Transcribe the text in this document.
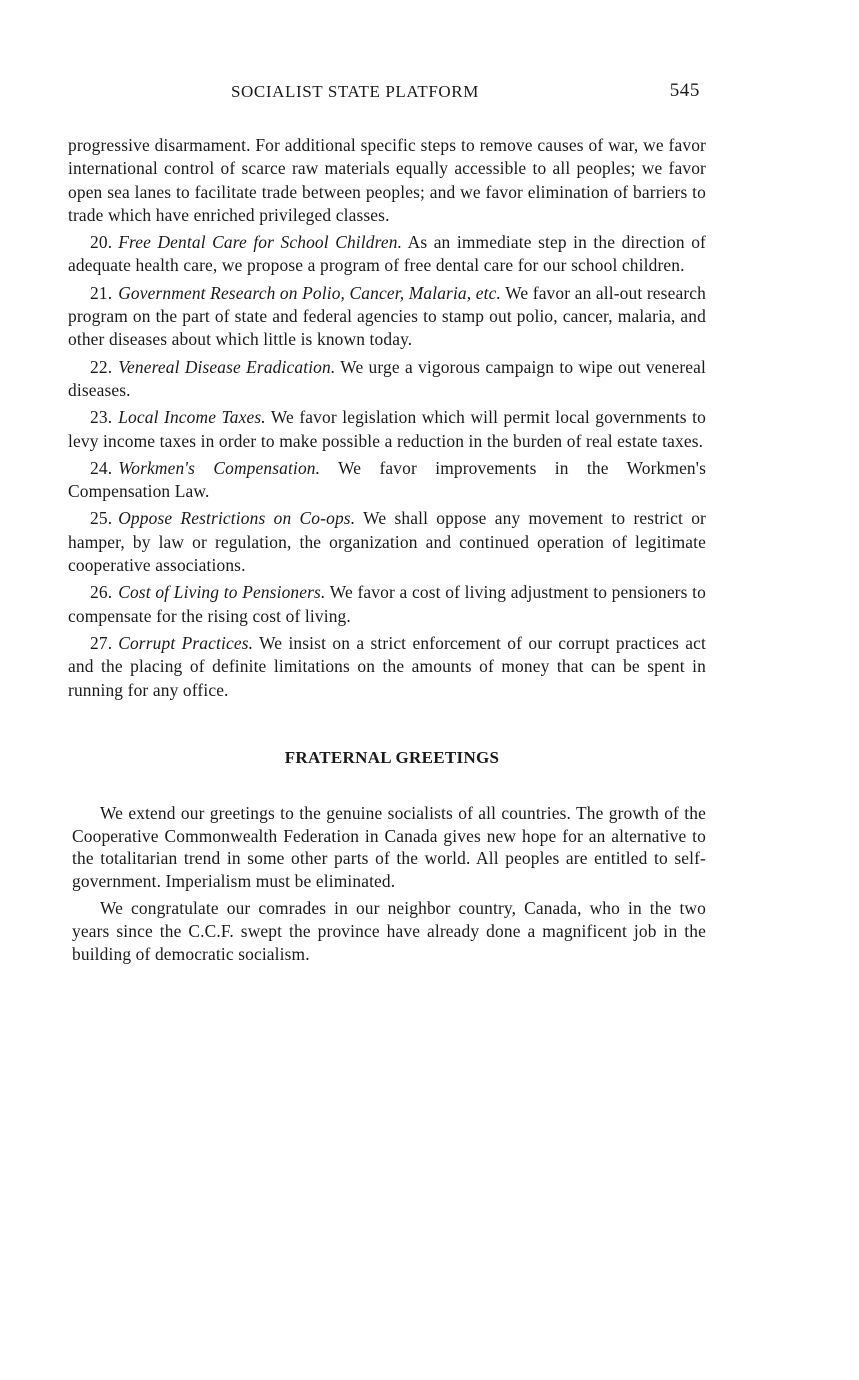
SOCIALIST STATE PLATFORM	545

progressive disarmament. For additional specific steps to remove causes of war, we favor international control of scarce raw materials equally accessible to all peoples; we favor open sea lanes to facilitate trade between peoples; and we favor elimination of barriers to trade which have enriched privileged classes.

20. Free Dental Care for School Children. As an immediate step in the direction of adequate health care, we propose a program of free dental care for our school children.

21. Government Research on Polio, Cancer, Malaria, etc. We favor an all-out research program on the part of state and federal agencies to stamp out polio, cancer, malaria, and other diseases about which little is known today.

22. Venereal Disease Eradication. We urge a vigorous campaign to wipe out venereal diseases.

23. Local Income Taxes. We favor legislation which will permit local governments to levy income taxes in order to make possible a reduction in the burden of real estate taxes.

24. Workmen's Compensation. We favor improvements in the Workmen's Compensation Law.

25. Oppose Restrictions on Co-ops. We shall oppose any movement to restrict or hamper, by law or regulation, the organization and continued operation of legitimate cooperative associations.

26. Cost of Living to Pensioners. We favor a cost of living adjustment to pensioners to compensate for the rising cost of living.

27. Corrupt Practices. We insist on a strict enforcement of our corrupt practices act and the placing of definite limitations on the amounts of money that can be spent in running for any office.

FRATERNAL GREETINGS

We extend our greetings to the genuine socialists of all countries. The growth of the Cooperative Commonwealth Federation in Canada gives new hope for an alternative to the totalitarian trend in some other parts of the world. All peoples are entitled to self-government. Imperialism must be eliminated.

We congratulate our comrades in our neighbor country, Canada, who in the two years since the C.C.F. swept the province have already done a magnificent job in the building of democratic socialism.
